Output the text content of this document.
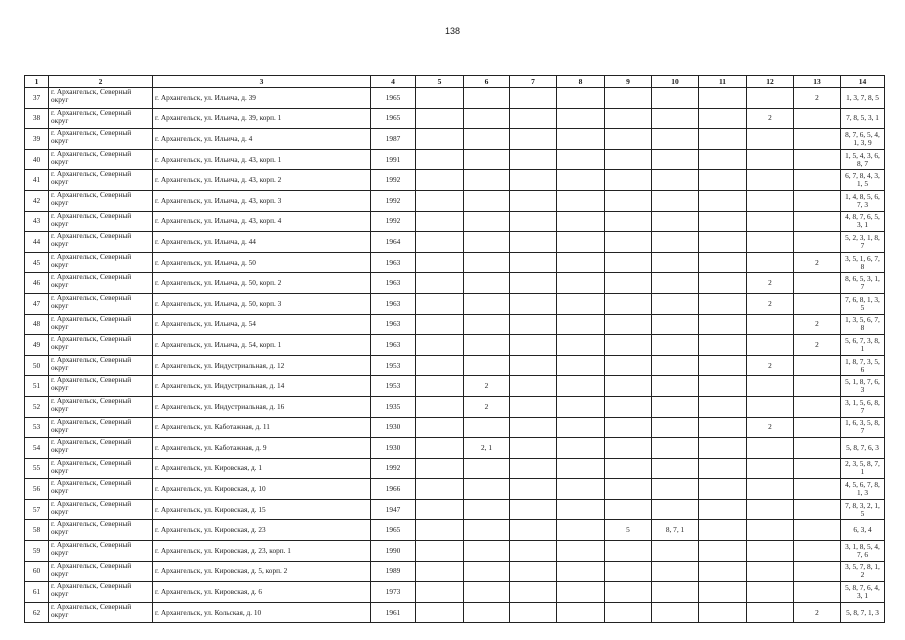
138
1	2	3	4	5	6	7	8	9	10	11	12	13	14
37	г. Архангельск, Северный округ	г. Архангельск, ул. Ильича, д. 39	1965									2	1, 3, 7, 8, 5
38	г. Архангельск, Северный округ	г. Архангельск, ул. Ильича, д. 39, корп. 1	1965								2		7, 8, 5, 3, 1
39	г. Архангельск, Северный округ	г. Архангельск, ул. Ильича, д. 4	1987										8, 7, 6, 5, 4, 1, 3, 9
40	г. Архангельск, Северный округ	г. Архангельск, ул. Ильича, д. 43, корп. 1	1991										1, 5, 4, 3, 6, 8, 7
41	г. Архангельск, Северный округ	г. Архангельск, ул. Ильича, д. 43, корп. 2	1992										6, 7, 8, 4, 3, 1, 5
42	г. Архангельск, Северный округ	г. Архангельск, ул. Ильича, д. 43, корп. 3	1992										1, 4, 8, 5, 6, 7, 3
43	г. Архангельск, Северный округ	г. Архангельск, ул. Ильича, д. 43, корп. 4	1992										4, 8, 7, 6, 5, 3, 1
44	г. Архангельск, Северный округ	г. Архангельск, ул. Ильича, д. 44	1964										5, 2, 3, 1, 8, 7
45	г. Архангельск, Северный округ	г. Архангельск, ул. Ильича, д. 50	1963									2	3, 5, 1, 6, 7, 8
46	г. Архангельск, Северный округ	г. Архангельск, ул. Ильича, д. 50, корп. 2	1963								2		8, 6, 5, 3, 1, 7
47	г. Архангельск, Северный округ	г. Архангельск, ул. Ильича, д. 50, корп. 3	1963								2		7, 6, 8, 1, 3, 5
48	г. Архангельск, Северный округ	г. Архангельск, ул. Ильича, д. 54	1963									2	1, 3, 5, 6, 7, 8
49	г. Архангельск, Северный округ	г. Архангельск, ул. Ильича, д. 54, корп. 1	1963									2	5, 6, 7, 3, 8, 1
50	г. Архангельск, Северный округ	г. Архангельск, ул. Индустриальная, д. 12	1953								2		1, 8, 7, 3, 5, 6
51	г. Архангельск, Северный округ	г. Архангельск, ул. Индустриальная, д. 14	1953		2								5, 1, 8, 7, 6, 3
52	г. Архангельск, Северный округ	г. Архангельск, ул. Индустриальная, д. 16	1935		2								3, 1, 5, 6, 8, 7
53	г. Архангельск, Северный округ	г. Архангельск, ул. Каботажная, д. 11	1930								2		1, 6, 3, 5, 8, 7
54	г. Архангельск, Северный округ	г. Архангельск, ул. Каботажная, д. 9	1930		2, 1								5, 8, 7, 6, 3
55	г. Архангельск, Северный округ	г. Архангельск, ул. Кировская, д. 1	1992										2, 3, 5, 8, 7, 1
56	г. Архангельск, Северный округ	г. Архангельск, ул. Кировская, д. 10	1966										4, 5, 6, 7, 8, 1, 3
57	г. Архангельск, Северный округ	г. Архангельск, ул. Кировская, д. 15	1947										7, 8, 3, 2, 1, 5
58	г. Архангельск, Северный округ	г. Архангельск, ул. Кировская, д. 23	1965					5	8, 7, 1				6, 3, 4
59	г. Архангельск, Северный округ	г. Архангельск, ул. Кировская, д. 23, корп. 1	1990										3, 1, 8, 5, 4, 7, 6
60	г. Архангельск, Северный округ	г. Архангельск, ул. Кировская, д. 5, корп. 2	1989										3, 5, 7, 8, 1, 2
61	г. Архангельск, Северный округ	г. Архангельск, ул. Кировская, д. 6	1973										5, 8, 7, 6, 4, 3, 1
62	г. Архангельск, Северный округ	г. Архангельск, ул. Кольская, д. 10	1961									2	5, 8, 7, 1, 3
